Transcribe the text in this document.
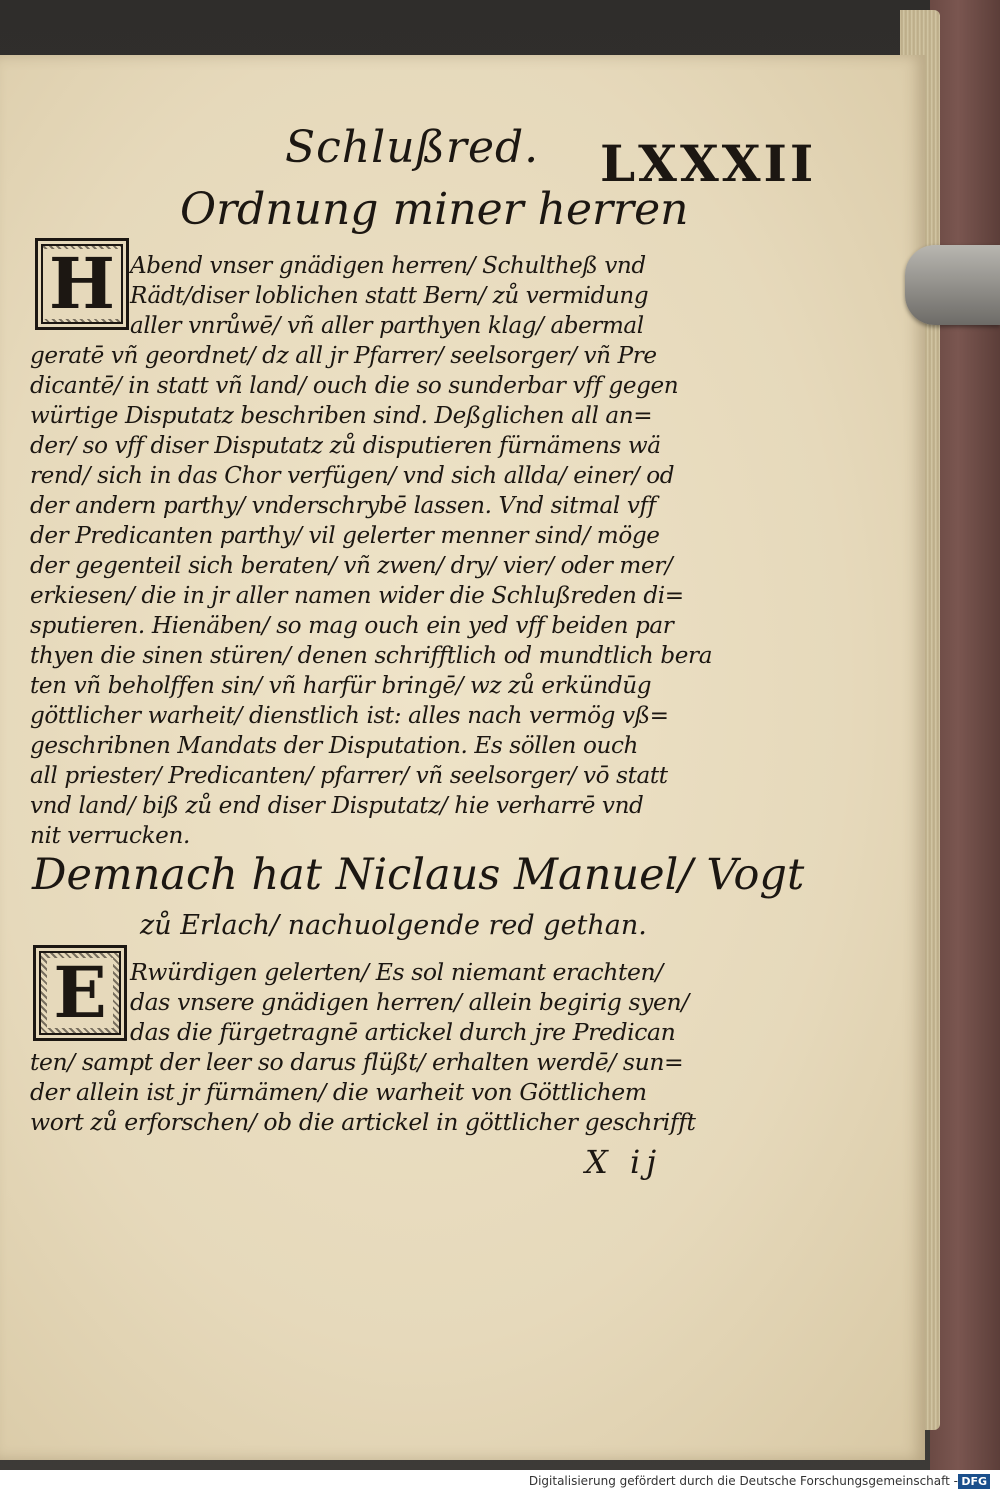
Schlußred. LXXXII
Ordnung miner herren
H Abend vnser gnädigen herren/ Schultheß vnd
Rädt/diser loblichen statt Bern/ zů vermidung
aller vnrůwē/ vñ aller parthyen klag/ abermal
geratē vñ geordnet/ dz all jr Pfarrer/ seelsorger/ vñ Pre
dicantē/ in statt vñ land/ ouch die so sunderbar vff gegen
würtige Disputatz beschriben sind. Deßglichen all an=
der/ so vff diser Disputatz zů disputieren fürnämens wä
rend/ sich in das Chor verfügen/ vnd sich allda/ einer/ od
der andern parthy/ vnderschrybē lassen. Vnd sitmal vff
der Predicanten parthy/ vil gelerter menner sind/ möge
der gegenteil sich beraten/ vñ zwen/ dry/ vier/ oder mer/
erkiesen/ die in jr aller namen wider die Schlußreden di=
sputieren. Hienäben/ so mag ouch ein yed vff beiden par
thyen die sinen stüren/ denen schrifftlich od mundtlich bera
ten vñ beholffen sin/ vñ harfür bringē/ wz zů erkündūg
göttlicher warheit/ dienstlich ist: alles nach vermög vß=
geschribnen Mandats der Disputation. Es söllen ouch
all priester/ Predicanten/ pfarrer/ vñ seelsorger/ vō statt
vnd land/ biß zů end diser Disputatz/ hie verharrē vnd
nit verrucken.
Demnach hat Niclaus Manuel/ Vogt
zů Erlach/ nachuolgende red gethan.
E Rwürdigen gelerten/ Es sol niemant erachten/
das vnsere gnädigen herren/ allein begirig syen/
das die fürgetragnē artickel durch jre Predican
ten/ sampt der leer so darus flüßt/ erhalten werdē/ sun=
der allein ist jr fürnämen/ die warheit von Göttlichem
wort zů erforschen/ ob die artickel in göttlicher geschrifft
X ij
Digitalisierung gefördert durch die Deutsche Forschungsgemeinschaft - DFG
